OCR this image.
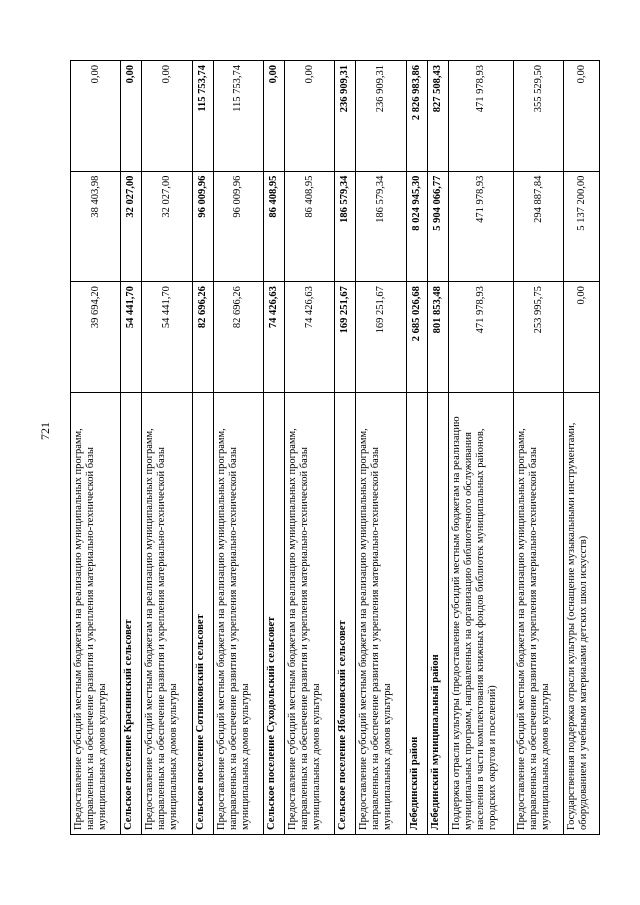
721 Предоставление субсидий местным бюджетам на реализацию муниципальных программ, направленных на обеспечение развития и укрепления материально-технической базы муниципальных домов культуры	39 694,20	38 403,98	0,00
Сельское поселение Краснинский сельсовет	54 441,70	32 027,00	0,00
Предоставление субсидий местным бюджетам на реализацию муниципальных программ, направленных на обеспечение развития и укрепления материально-технической базы муниципальных домов культуры	54 441,70	32 027,00	0,00
Сельское поселение Сотниковский сельсовет	82 696,26	96 009,96	115 753,74
Предоставление субсидий местным бюджетам на реализацию муниципальных программ, направленных на обеспечение развития и укрепления материально-технической базы муниципальных домов культуры	82 696,26	96 009,96	115 753,74
Сельское поселение Суходольский сельсовет	74 426,63	86 408,95	0,00
Предоставление субсидий местным бюджетам на реализацию муниципальных программ, направленных на обеспечение развития и укрепления материально-технической базы муниципальных домов культуры	74 426,63	86 408,95	0,00
Сельское поселение Яблоновский сельсовет	169 251,67	186 579,34	236 909,31
Предоставление субсидий местным бюджетам на реализацию муниципальных программ, направленных на обеспечение развития и укрепления материально-технической базы муниципальных домов культуры	169 251,67	186 579,34	236 909,31
Лебединский район	2 685 026,68	8 024 945,30	2 826 983,86
Лебединский муниципальный район	801 853,48	5 904 066,77	827 508,43
Поддержка отрасли культуры (предоставление субсидий местным бюджетам на реализацию муниципальных программ, направленных на организацию библиотечного обслуживания населения в части комплектования книжных фондов библиотек муниципальных районов, городских округов и поселений)	471 978,93	471 978,93	471 978,93
Предоставление субсидий местным бюджетам на реализацию муниципальных программ, направленных на обеспечение развития и укрепления материально-технической базы муниципальных домов культуры	253 995,75	294 887,84	355 529,50
Государственная поддержка отрасли культуры (оснащение музыкальными инструментами, оборудованием и учебными материалами детских школ искусств)	0,00	5 137 200,00	0,00
